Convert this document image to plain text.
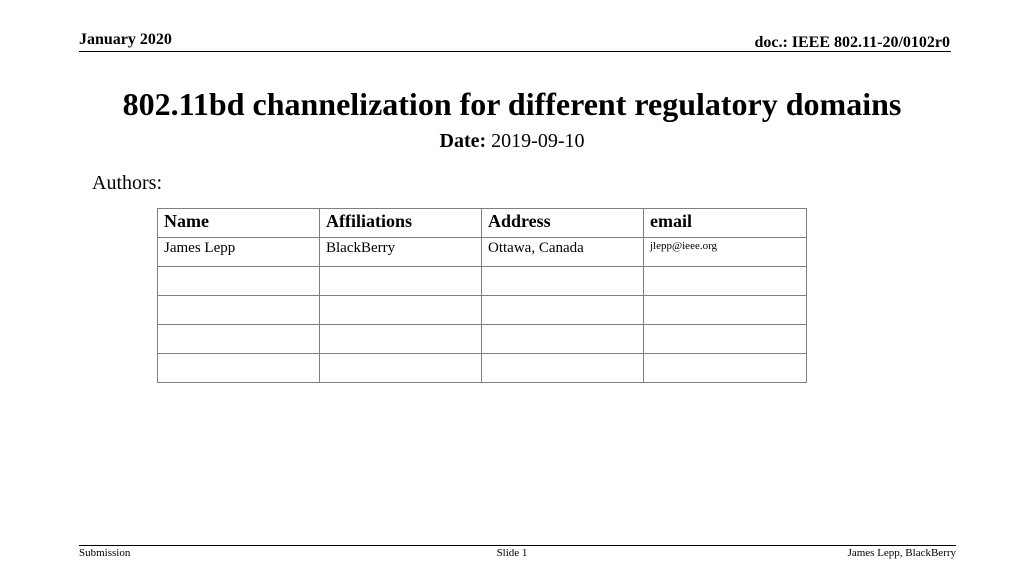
January 2020	doc.: IEEE 802.11-20/0102r0
802.11bd channelization for different regulatory domains
Date: 2019-09-10
Authors:
Name	Affiliations	Address	email
James Lepp	BlackBerry	Ottawa, Canada	jlepp@ieee.org

Submission	Slide 1	James Lepp, BlackBerry
